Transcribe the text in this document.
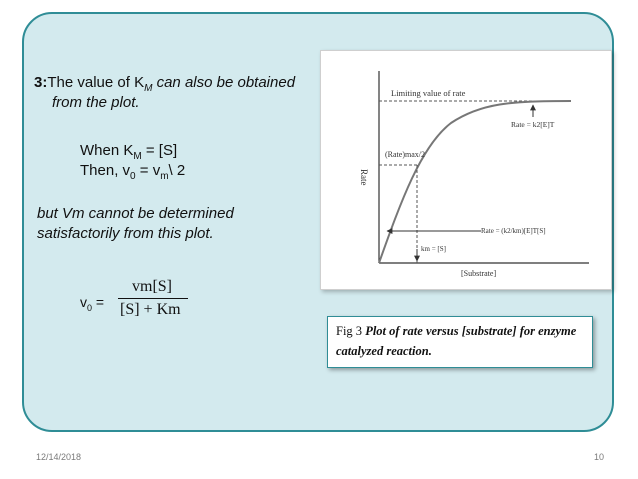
3:The value of $K_M$ can also be obtained
from the plot.
When $K_M = [S]$
Then, $v_0$ = $v_m\backslash$ 2
but Vm cannot be determined
satisfactorily from this plot.
$v_0$ =
vm[S]
[S] + Km
Limiting value of rate
Rate
(Rate)max/2
Rate = k2[E]T
Rate = (k2/km)[E]T[S]
km = [S]
[Substrate]
Fig 3 Plot of rate versus [substrate] for enzyme
catalyzed reaction.
12/14/2018	10
